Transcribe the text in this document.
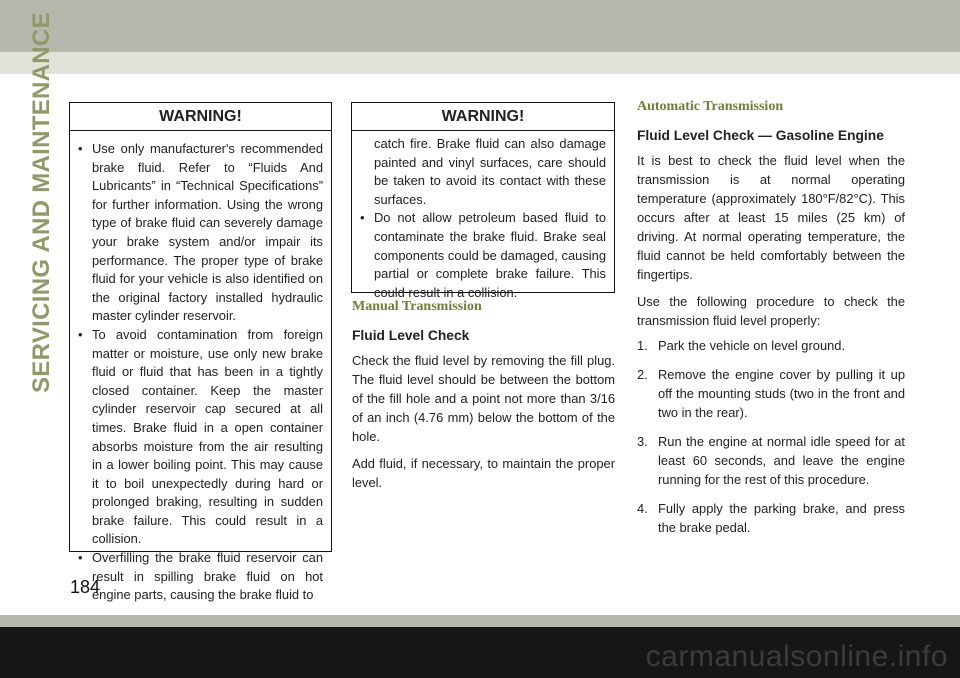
SERVICING AND MAINTENANCE	WARNING!
• Use only manufacturer's recommended brake fluid. Refer to “Fluids And Lubricants” in “Technical Specifications” for further information. Using the wrong type of brake fluid can severely damage your brake system and/or impair its performance. The proper type of brake fluid for your vehicle is also identified on the original factory installed hydraulic master cylinder reservoir.
• To avoid contamination from foreign matter or moisture, use only new brake fluid or fluid that has been in a tightly closed container. Keep the master cylinder reservoir cap secured at all times. Brake fluid in a open container absorbs moisture from the air resulting in a lower boiling point. This may cause it to boil unexpectedly during hard or prolonged braking, resulting in sudden brake failure. This could result in a collision.
• Overfilling the brake fluid reservoir can result in spilling brake fluid on hot engine parts, causing the brake fluid to
WARNING!
catch fire. Brake fluid can also damage painted and vinyl surfaces, care should be taken to avoid its contact with these surfaces.
• Do not allow petroleum based fluid to contaminate the brake fluid. Brake seal components could be damaged, causing partial or complete brake failure. This could result in a collision.
Manual Transmission
Fluid Level Check

Check the fluid level by removing the fill plug. The fluid level should be between the bottom of the fill hole and a point not more than 3/16 of an inch (4.76 mm) below the bottom of the hole.

Add fluid, if necessary, to maintain the proper level.

Automatic Transmission
Fluid Level Check — Gasoline Engine

It is best to check the fluid level when the transmission is at normal operating temperature (approximately 180°F/82°C). This occurs after at least 15 miles (25 km) of driving. At normal operating temperature, the fluid cannot be held comfortably between the fingertips.

Use the following procedure to check the transmission fluid level properly:

1. Park the vehicle on level ground.
2. Remove the engine cover by pulling it up off the mounting studs (two in the front and two in the rear).
3. Run the engine at normal idle speed for at least 60 seconds, and leave the engine running for the rest of this procedure.
4. Fully apply the parking brake, and press the brake pedal.
184
carmanualsonline.info
